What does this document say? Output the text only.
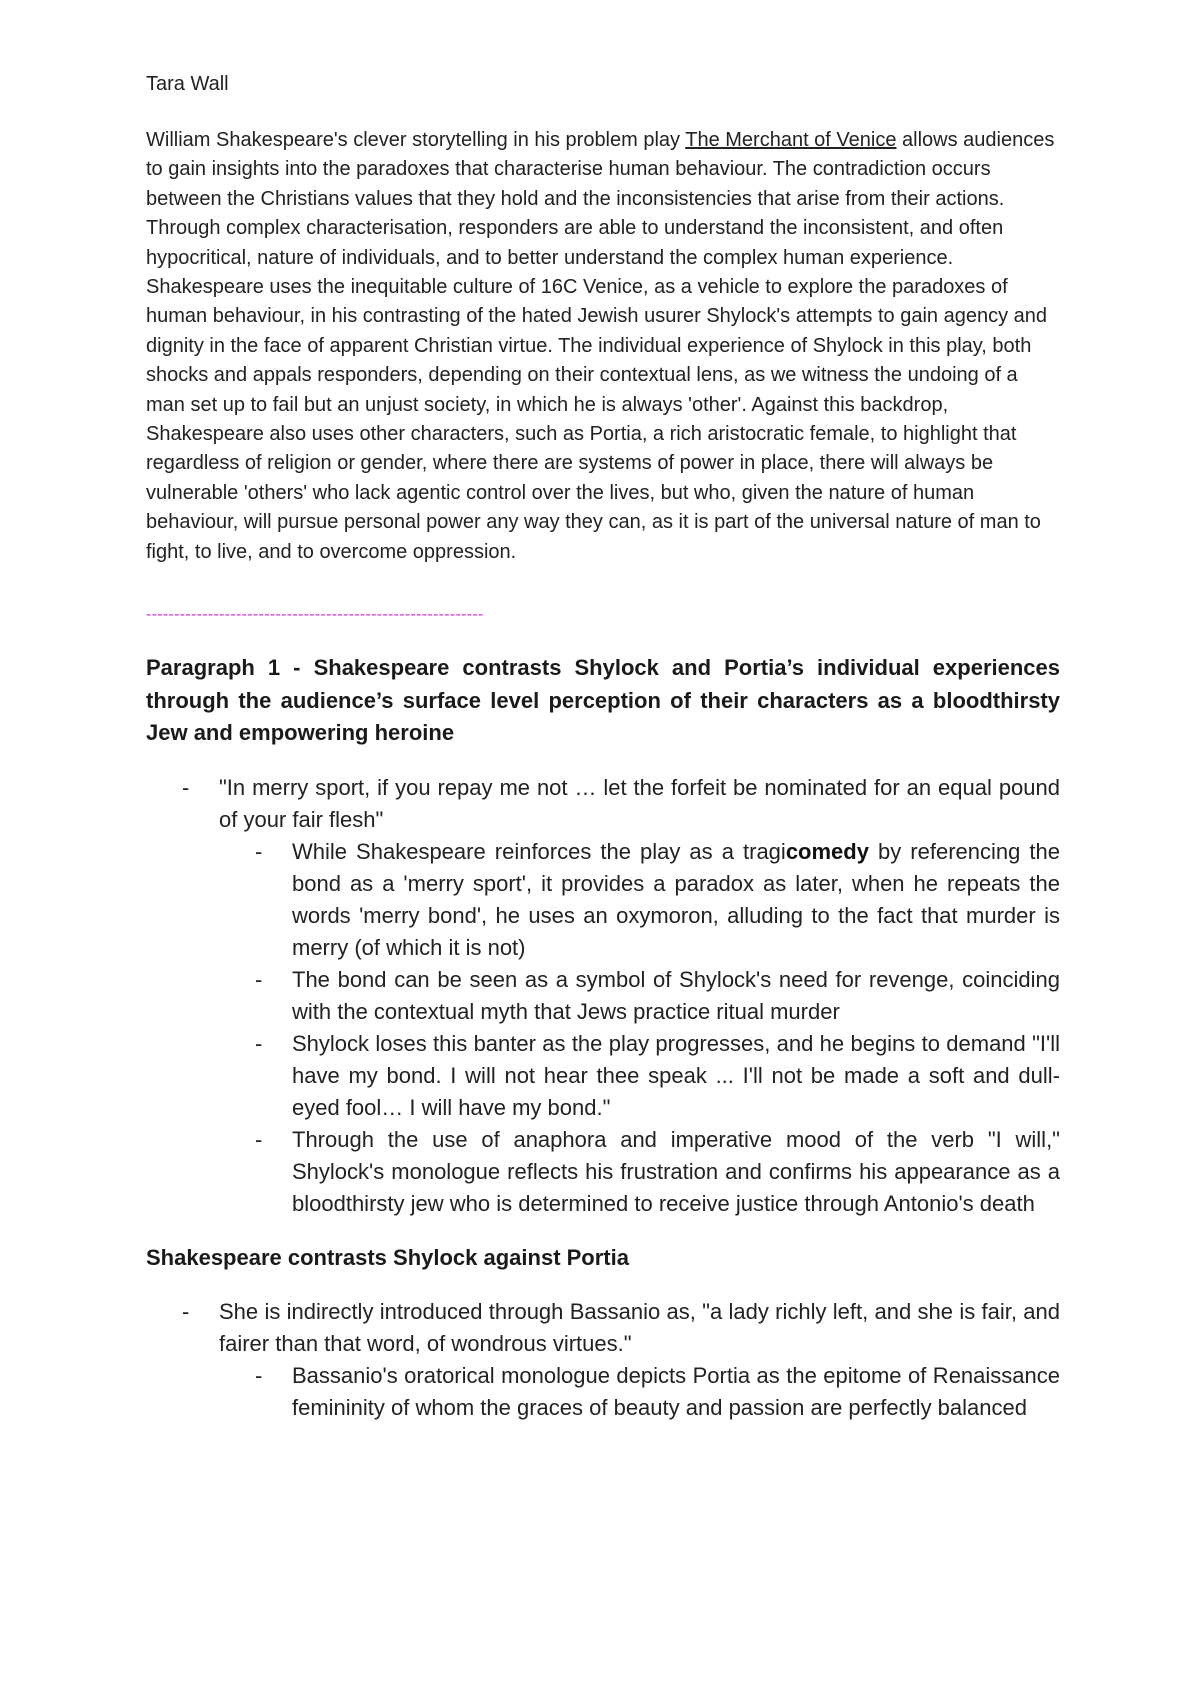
Tara Wall

William Shakespeare's clever storytelling in his problem play The Merchant of Venice allows audiences to gain insights into the paradoxes that characterise human behaviour. The contradiction occurs between the Christians values that they hold and the inconsistencies that arise from their actions. Through complex characterisation, responders are able to understand the inconsistent, and often hypocritical, nature of individuals, and to better understand the complex human experience. Shakespeare uses the inequitable culture of 16C Venice, as a vehicle to explore the paradoxes of human behaviour, in his contrasting of the hated Jewish usurer Shylock's attempts to gain agency and dignity in the face of apparent Christian virtue. The individual experience of Shylock in this play, both shocks and appals responders, depending on their contextual lens, as we witness the undoing of a man set up to fail but an unjust society, in which he is always 'other'. Against this backdrop, Shakespeare also uses other characters, such as Portia, a rich aristocratic female, to highlight that regardless of religion or gender, where there are systems of power in place, there will always be vulnerable 'others' who lack agentic control over the lives, but who, given the nature of human behaviour, will pursue personal power any way they can, as it is part of the universal nature of man to fight, to live, and to overcome oppression.

------------------------------------------------------------
Paragraph 1 - Shakespeare contrasts Shylock and Portia’s individual experiences through the audience’s surface level perception of their characters as a bloodthirsty Jew and empowering heroine
- "In merry sport, if you repay me not … let the forfeit be nominated for an equal pound of your fair flesh"
- While Shakespeare reinforces the play as a tragicomedy by referencing the bond as a 'merry sport', it provides a paradox as later, when he repeats the words 'merry bond', he uses an oxymoron, alluding to the fact that murder is merry (of which it is not)
- The bond can be seen as a symbol of Shylock's need for revenge, coinciding with the contextual myth that Jews practice ritual murder
- Shylock loses this banter as the play progresses, and he begins to demand "I'll have my bond. I will not hear thee speak ... I'll not be made a soft and dull-eyed fool… I will have my bond."
- Through the use of anaphora and imperative mood of the verb "I will," Shylock's monologue reflects his frustration and confirms his appearance as a bloodthirsty jew who is determined to receive justice through Antonio's death
Shakespeare contrasts Shylock against Portia
- She is indirectly introduced through Bassanio as, "a lady richly left, and she is fair, and fairer than that word, of wondrous virtues."
- Bassanio's oratorical monologue depicts Portia as the epitome of Renaissance femininity of whom the graces of beauty and passion are perfectly balanced
